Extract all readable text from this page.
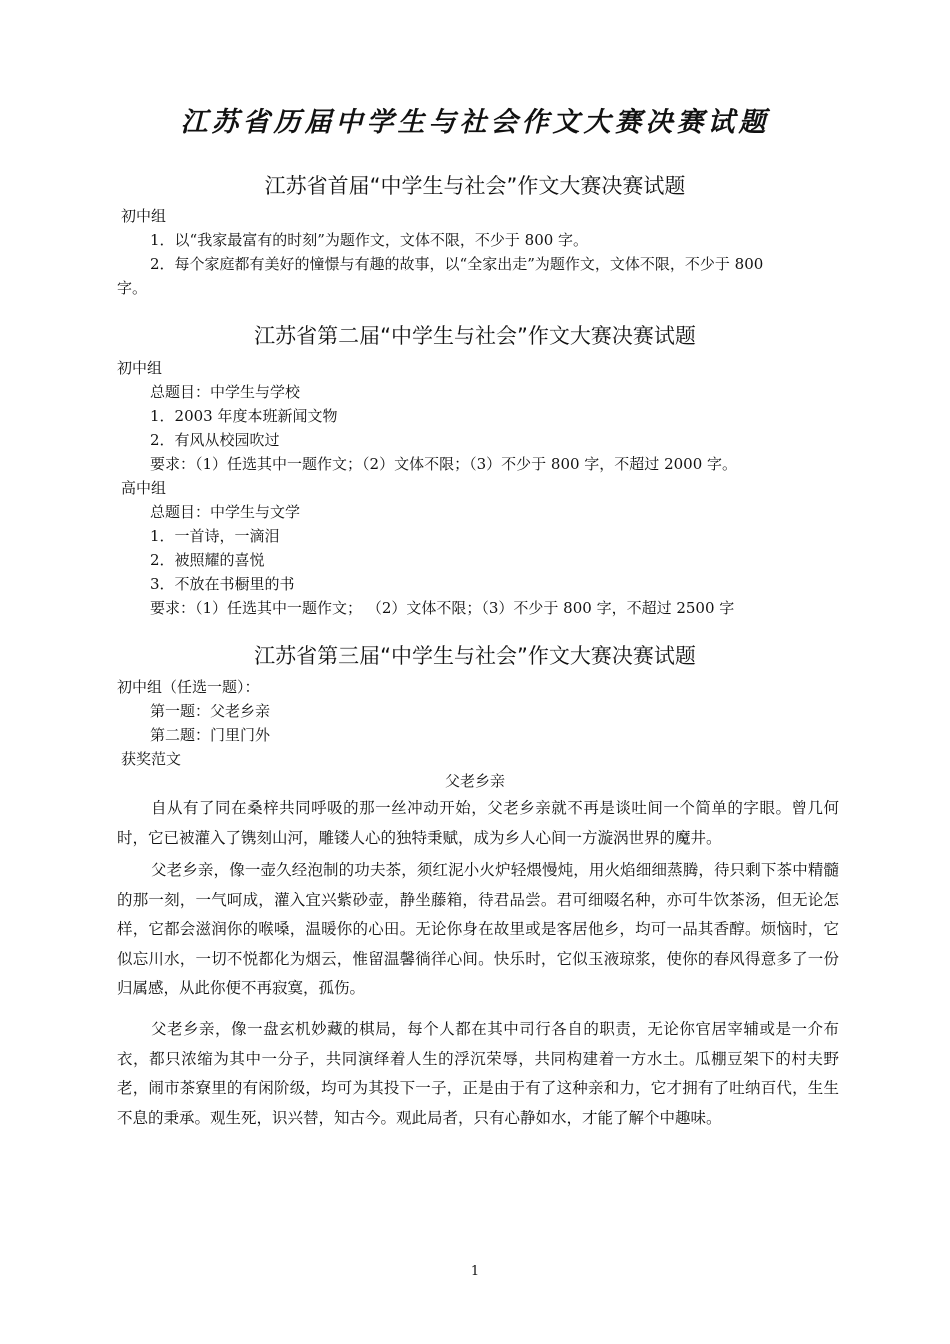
江苏省历届中学生与社会作文大赛决赛试题
江苏省首届“中学生与社会”作文大赛决赛试题
初中组
1．以“我家最富有的时刻”为题作文，文体不限，不少于 800 字。
2．每个家庭都有美好的憧憬与有趣的故事，以“全家出走”为题作文，文体不限，不少于 800
字。
江苏省第二届“中学生与社会”作文大赛决赛试题
初中组
总题目：中学生与学校
1．2003 年度本班新闻文物
2．有风从校园吹过
要求：（1）任选其中一题作文；（2）文体不限；（3）不少于 800 字，不超过 2000 字。
高中组
总题目：中学生与文学
1．一首诗，一滴泪
2．被照耀的喜悦
3．不放在书橱里的书
要求：（1）任选其中一题作文； （2）文体不限；（3）不少于 800 字，不超过 2500 字
江苏省第三届“中学生与社会”作文大赛决赛试题
初中组（任选一题）：
第一题：父老乡亲
第二题：门里门外
获奖范文
父老乡亲
自从有了同在桑梓共同呼吸的那一丝冲动开始，父老乡亲就不再是谈吐间一个简单的字眼。曾几何时，它已被灌入了镌刻山河，雕镂人心的独特秉赋，成为乡人心间一方漩涡世界的魔井。
父老乡亲，像一壶久经泡制的功夫茶，须红泥小火炉轻煨慢炖，用火焰细细蒸腾，待只剩下茶中精髓的那一刻，一气呵成，灌入宜兴紫砂壶，静坐藤箱，待君品尝。君可细啜名种，亦可牛饮茶汤，但无论怎样，它都会滋润你的喉嗓，温暖你的心田。无论你身在故里或是客居他乡，均可一品其香醇。烦恼时，它似忘川水，一切不悦都化为烟云，惟留温馨徜徉心间。快乐时，它似玉液琼浆，使你的春风得意多了一份归属感，从此你便不再寂寞，孤伤。
父老乡亲，像一盘玄机妙藏的棋局，每个人都在其中司行各自的职责，无论你官居宰辅或是一介布衣，都只浓缩为其中一分子，共同演绎着人生的浮沉荣辱，共同构建着一方水土。瓜棚豆架下的村夫野老，闹市茶寮里的有闲阶级，均可为其投下一子，正是由于有了这种亲和力，它才拥有了吐纳百代，生生不息的秉承。观生死，识兴替，知古今。观此局者，只有心静如水，才能了解个中趣味。
1
